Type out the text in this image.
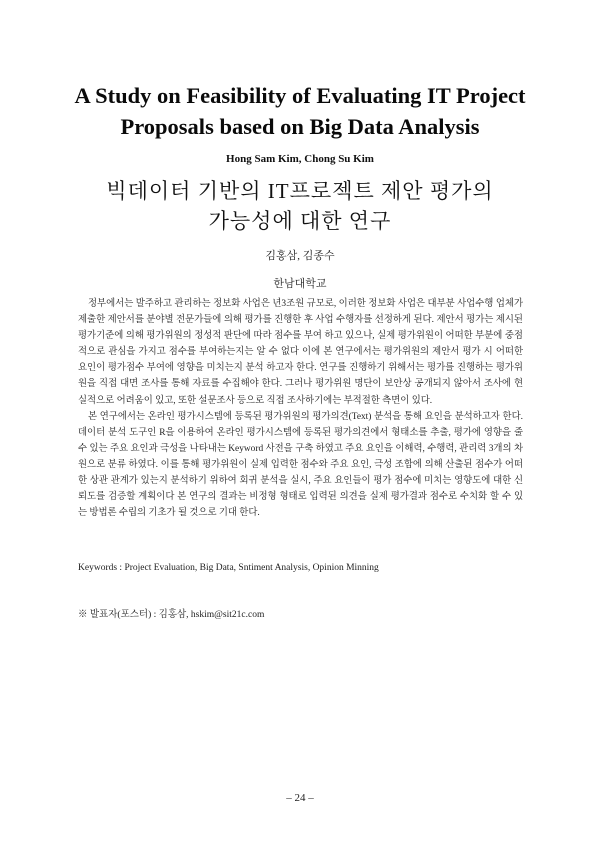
A Study on Feasibility of Evaluating IT Project
Proposals based on Big Data Analysis
Hong Sam Kim, Chong Su Kim
빅데이터 기반의 IT프로젝트 제안 평가의
가능성에 대한 연구
김홍삼, 김종수
한남대학교

정부에서는 발주하고 관리하는 정보화 사업은 년3조원 규모로, 이러한 정보화 사업은 대부분 사업수행 업체가 제출한 제안서를 분야별 전문가들에 의해 평가를 진행한 후 사업 수행자를 선정하게 된다. 제안서 평가는 제시된 평가기준에 의해 평가위원의 정성적 판단에 따라 점수를 부여 하고 있으나, 실제 평가위원이 어떠한 부분에 중점적으로 관심을 가지고 점수를 부여하는지는 알 수 없다 이에 본 연구에서는 평가위원의 제안서 평가 시 어떠한 요인이 평가점수 부여에 영향을 미치는지 분석 하고자 한다. 연구를 진행하기 위해서는 평가를 진행하는 평가위원을 직접 대면 조사를 통해 자료를 수집해야 한다. 그러나 평가위원 명단이 보안상 공개되지 않아서 조사에 현실적으로 어려움이 있고, 또한 설문조사 등으로 직접 조사하기에는 부적절한 측면이 있다.

본 연구에서는 온라인 평가시스템에 등록된 평가위원의 평가의견(Text) 분석을 통해 요인을 분석하고자 한다. 데이터 분석 도구인 R을 이용하여 온라인 평가시스템에 등록된 평가의견에서 형태소를 추출, 평가에 영향을 줄 수 있는 주요 요인과 극성을 나타내는 Keyword 사전을 구축 하였고 주요 요인을 이해력, 수행력, 관리력 3개의 차원으로 분류 하였다. 이를 통해 평가위원이 실제 입력한 점수와 주요 요인, 극성 조합에 의해 산출된 점수가 어떠한 상관 관계가 있는지 분석하기 위하여 회귀 분석을 실시, 주요 요인들이 평가 점수에 미치는 영향도에 대한 신뢰도를 검증할 계획이다 본 연구의 결과는 비정형 형태로 입력된 의견을 실제 평가결과 점수로 수치화 할 수 있는 방법론 수립의 기초가 될 것으로 기대 한다.

Keywords : Project Evaluation, Big Data, Sntiment Analysis, Opinion Minning
※ 발표자(포스터) : 김홍삼, hskim@sit21c.com
– 24 –
